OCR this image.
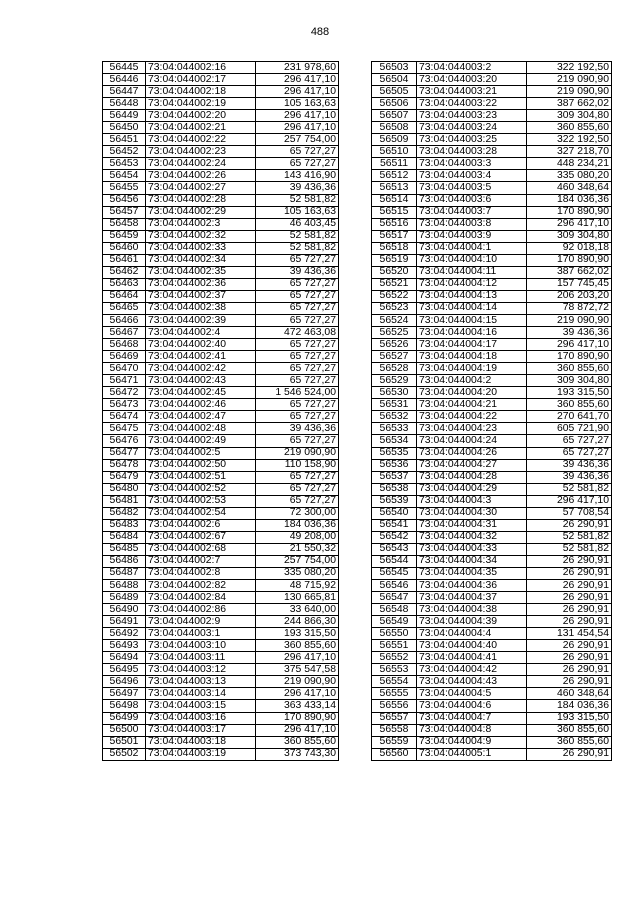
488
56445	73:04:044002:16	231 978,60
56446	73:04:044002:17	296 417,10
56447	73:04:044002:18	296 417,10
56448	73:04:044002:19	105 163,63
56449	73:04:044002:20	296 417,10
56450	73:04:044002:21	296 417,10
56451	73:04:044002:22	257 754,00
56452	73:04:044002:23	65 727,27
56453	73:04:044002:24	65 727,27
56454	73:04:044002:26	143 416,90
56455	73:04:044002:27	39 436,36
56456	73:04:044002:28	52 581,82
56457	73:04:044002:29	105 163,63
56458	73:04:044002:3	46 403,45
56459	73:04:044002:32	52 581,82
56460	73:04:044002:33	52 581,82
56461	73:04:044002:34	65 727,27
56462	73:04:044002:35	39 436,36
56463	73:04:044002:36	65 727,27
56464	73:04:044002:37	65 727,27
56465	73:04:044002:38	65 727,27
56466	73:04:044002:39	65 727,27
56467	73:04:044002:4	472 463,08
56468	73:04:044002:40	65 727,27
56469	73:04:044002:41	65 727,27
56470	73:04:044002:42	65 727,27
56471	73:04:044002:43	65 727,27
56472	73:04:044002:45	1 546 524,00
56473	73:04:044002:46	65 727,27
56474	73:04:044002:47	65 727,27
56475	73:04:044002:48	39 436,36
56476	73:04:044002:49	65 727,27
56477	73:04:044002:5	219 090,90
56478	73:04:044002:50	110 158,90
56479	73:04:044002:51	65 727,27
56480	73:04:044002:52	65 727,27
56481	73:04:044002:53	65 727,27
56482	73:04:044002:54	72 300,00
56483	73:04:044002:6	184 036,36
56484	73:04:044002:67	49 208,00
56485	73:04:044002:68	21 550,32
56486	73:04:044002:7	257 754,00
56487	73:04:044002:8	335 080,20
56488	73:04:044002:82	48 715,92
56489	73:04:044002:84	130 665,81
56490	73:04:044002:86	33 640,00
56491	73:04:044002:9	244 866,30
56492	73:04:044003:1	193 315,50
56493	73:04:044003:10	360 855,60
56494	73:04:044003:11	296 417,10
56495	73:04:044003:12	375 547,58
56496	73:04:044003:13	219 090,90
56497	73:04:044003:14	296 417,10
56498	73:04:044003:15	363 433,14
56499	73:04:044003:16	170 890,90
56500	73:04:044003:17	296 417,10
56501	73:04:044003:18	360 855,60
56502	73:04:044003:19	373 743,30
56503	73:04:044003:2	322 192,50
56504	73:04:044003:20	219 090,90
56505	73:04:044003:21	219 090,90
56506	73:04:044003:22	387 662,02
56507	73:04:044003:23	309 304,80
56508	73:04:044003:24	360 855,60
56509	73:04:044003:25	322 192,50
56510	73:04:044003:28	327 218,70
56511	73:04:044003:3	448 234,21
56512	73:04:044003:4	335 080,20
56513	73:04:044003:5	460 348,64
56514	73:04:044003:6	184 036,36
56515	73:04:044003:7	170 890,90
56516	73:04:044003:8	296 417,10
56517	73:04:044003:9	309 304,80
56518	73:04:044004:1	92 018,18
56519	73:04:044004:10	170 890,90
56520	73:04:044004:11	387 662,02
56521	73:04:044004:12	157 745,45
56522	73:04:044004:13	206 203,20
56523	73:04:044004:14	78 872,72
56524	73:04:044004:15	219 090,90
56525	73:04:044004:16	39 436,36
56526	73:04:044004:17	296 417,10
56527	73:04:044004:18	170 890,90
56528	73:04:044004:19	360 855,60
56529	73:04:044004:2	309 304,80
56530	73:04:044004:20	193 315,50
56531	73:04:044004:21	360 855,60
56532	73:04:044004:22	270 641,70
56533	73:04:044004:23	605 721,90
56534	73:04:044004:24	65 727,27
56535	73:04:044004:26	65 727,27
56536	73:04:044004:27	39 436,36
56537	73:04:044004:28	39 436,36
56538	73:04:044004:29	52 581,82
56539	73:04:044004:3	296 417,10
56540	73:04:044004:30	57 708,54
56541	73:04:044004:31	26 290,91
56542	73:04:044004:32	52 581,82
56543	73:04:044004:33	52 581,82
56544	73:04:044004:34	26 290,91
56545	73:04:044004:35	26 290,91
56546	73:04:044004:36	26 290,91
56547	73:04:044004:37	26 290,91
56548	73:04:044004:38	26 290,91
56549	73:04:044004:39	26 290,91
56550	73:04:044004:4	131 454,54
56551	73:04:044004:40	26 290,91
56552	73:04:044004:41	26 290,91
56553	73:04:044004:42	26 290,91
56554	73:04:044004:43	26 290,91
56555	73:04:044004:5	460 348,64
56556	73:04:044004:6	184 036,36
56557	73:04:044004:7	193 315,50
56558	73:04:044004:8	360 855,60
56559	73:04:044004:9	360 855,60
56560	73:04:044005:1	26 290,91
